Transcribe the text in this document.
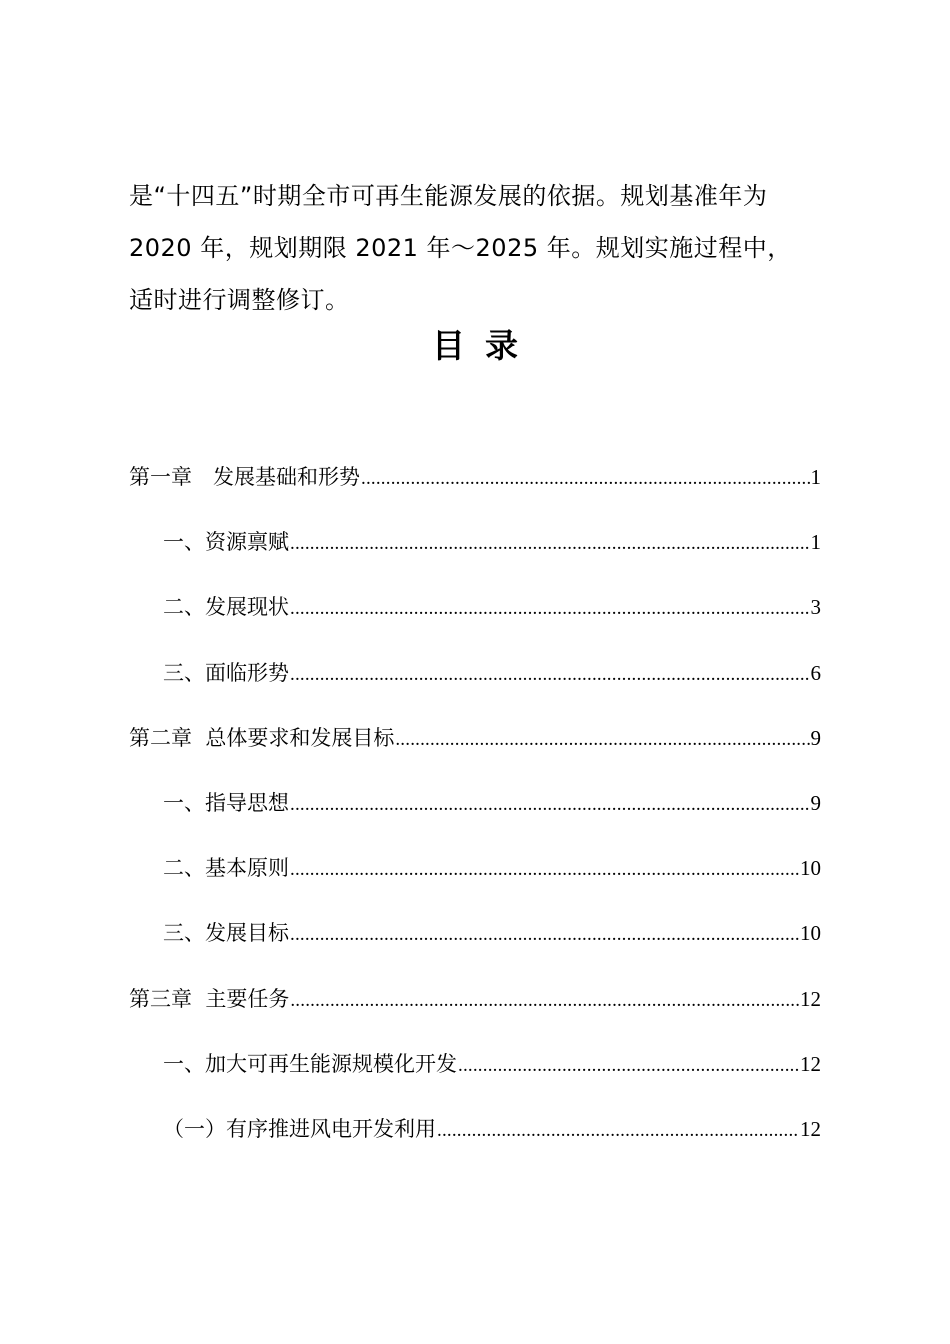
是“十四五”时期全市可再生能源发展的依据。规划基准年为
2020 年，规划期限 2021 年～2025 年。规划实施过程中，
适时进行调整修订。

目录
第一章　发展基础和形势 .....	1
一、资源禀赋 .....	1
二、发展现状 .....	3
三、面临形势 .....	6
第二章  总体要求和发展目标 .....	9
一、指导思想 .....	9
二、基本原则 .....	10
三、发展目标 .....	10
第三章  主要任务 .....	12
一、加大可再生能源规模化开发 .....	12
（一）有序推进风电开发利用 .....	12
